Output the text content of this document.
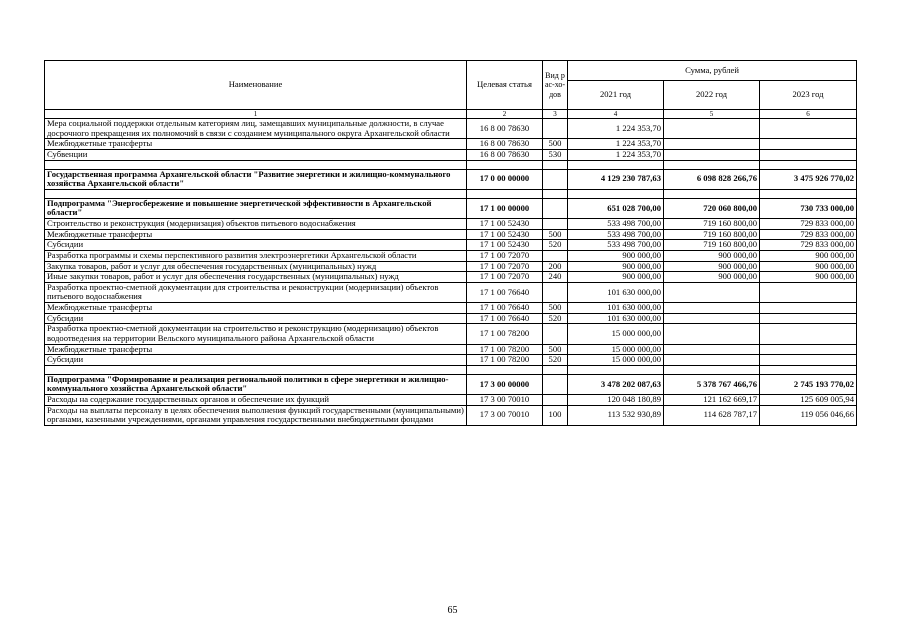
Наименование	Целевая статья	Вид рас-хо-дов	Сумма, рублей		
			2021 год	2022 год	2023 год
1	2	3	4	5	6
Мера социальной поддержки отдельным категориям лиц, замещавших муниципальные должности, в случае досрочного прекращения их полномочий в связи с созданием муниципального округа Архангельской области	16 8 00 78630		1 224 353,70		
Межбюджетные трансферты	16 8 00 78630	500	1 224 353,70		
Субвенции	16 8 00 78630	530	1 224 353,70		

Государственная программа Архангельской области "Развитие энергетики и жилищно-коммунального хозяйства Архангельской области"	17 0 00 00000		4 129 230 787,63	6 098 828 266,76	3 475 926 770,02

Подпрограмма "Энергосбережение и повышение энергетической эффективности в Архангельской области"	17 1 00 00000		651 028 700,00	720 060 800,00	730 733 000,00
Строительство и реконструкция (модернизация) объектов питьевого водоснабжения	17 1 00 52430		533 498 700,00	719 160 800,00	729 833 000,00
Межбюджетные трансферты	17 1 00 52430	500	533 498 700,00	719 160 800,00	729 833 000,00
Субсидии	17 1 00 52430	520	533 498 700,00	719 160 800,00	729 833 000,00
Разработка программы и схемы перспективного развития электроэнергетики Архангельской области	17 1 00 72070		900 000,00	900 000,00	900 000,00
Закупка товаров, работ и услуг для обеспечения государственных (муниципальных) нужд	17 1 00 72070	200	900 000,00	900 000,00	900 000,00
Иные закупки товаров, работ и услуг для обеспечения государственных (муниципальных) нужд	17 1 00 72070	240	900 000,00	900 000,00	900 000,00
Разработка проектно-сметной документации для строительства и реконструкции (модернизации) объектов питьевого водоснабжения	17 1 00 76640		101 630 000,00		
Межбюджетные трансферты	17 1 00 76640	500	101 630 000,00		
Субсидии	17 1 00 76640	520	101 630 000,00		
Разработка проектно-сметной документации на строительство и реконструкцию (модернизацию) объектов водоотведения на территории Вельского муниципального района Архангельской области	17 1 00 78200		15 000 000,00		
Межбюджетные трансферты	17 1 00 78200	500	15 000 000,00		
Субсидии	17 1 00 78200	520	15 000 000,00		

Подпрограмма "Формирование и реализация региональной политики в сфере энергетики и жилищно-коммунального хозяйства Архангельской области"	17 3 00 00000		3 478 202 087,63	5 378 767 466,76	2 745 193 770,02
Расходы на содержание государственных органов и обеспечение их функций	17 3 00 70010		120 048 180,89	121 162 669,17	125 609 005,94
Расходы на выплаты персоналу в целях обеспечения выполнения функций государственными (муниципальными) органами, казенными учреждениями, органами управления государственными внебюджетными фондами	17 3 00 70010	100	113 532 930,89	114 628 787,17	119 056 046,66
65
